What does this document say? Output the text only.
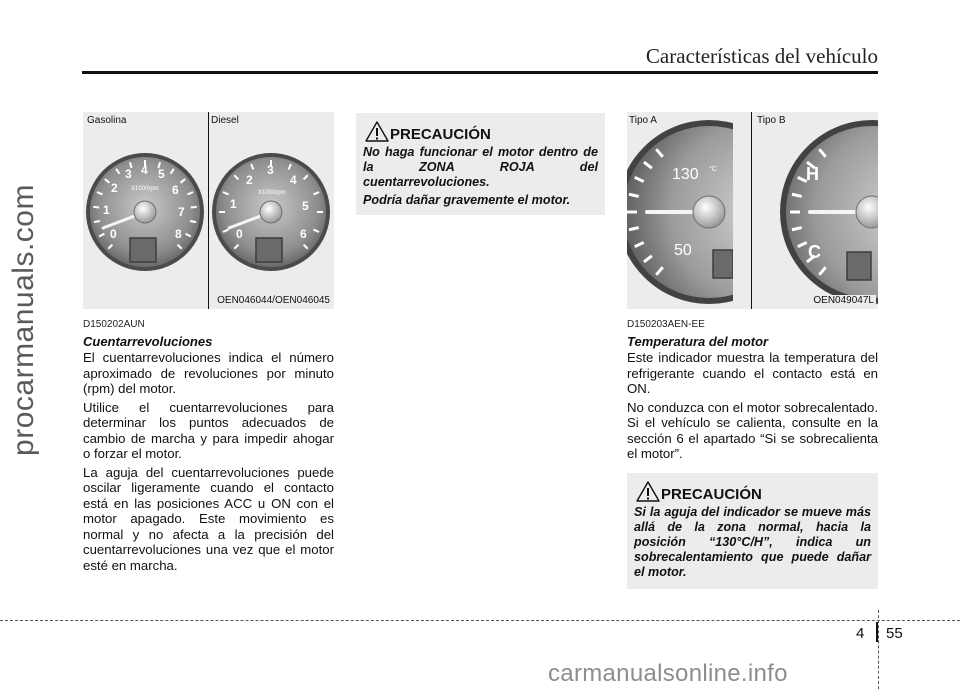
Características del vehículo
procarmanuals.com
Gasolina	Diesel
0
1
2
3 4 5
6
7
8
X1000rpm
0
1
2
3
4
5
6
X1000rpm
OEN046044/OEN046045
D150202AUN
Cuentarrevoluciones

El cuentarrevoluciones indica el número aproximado de revoluciones por minuto (rpm) del motor.

Utilice el cuentarrevoluciones para determinar los puntos adecuados de cambio de marcha y para impedir ahogar o forzar el motor.

La aguja del cuentarrevoluciones puede oscilar ligeramente cuando el contacto está en las posiciones ACC u ON con el motor apagado. Este movimiento es normal y no afecta a la precisión del cuentarrevoluciones una vez que el motor esté en marcha.

PRECAUCIÓN

No haga funcionar el motor dentro de la ZONA ROJA del cuentarrevoluciones.

Podría dañar gravemente el motor.

Tipo A	Tipo B
130 °C
50
H
C
OEN049047L
D150203AEN-EE
Temperatura del motor

Este indicador muestra la temperatura del refrigerante cuando el contacto está en ON.

No conduzca con el motor sobrecalentado. Si el vehículo se calienta, consulte en la sección 6 el apartado “Si se sobrecalienta el motor”.

PRECAUCIÓN

Si la aguja del indicador se mueve más allá de la zona normal, hacia la posición “130°C/H”, indica un sobrecalentamiento que puede dañar el motor.

4 55
carmanualsonline.info
